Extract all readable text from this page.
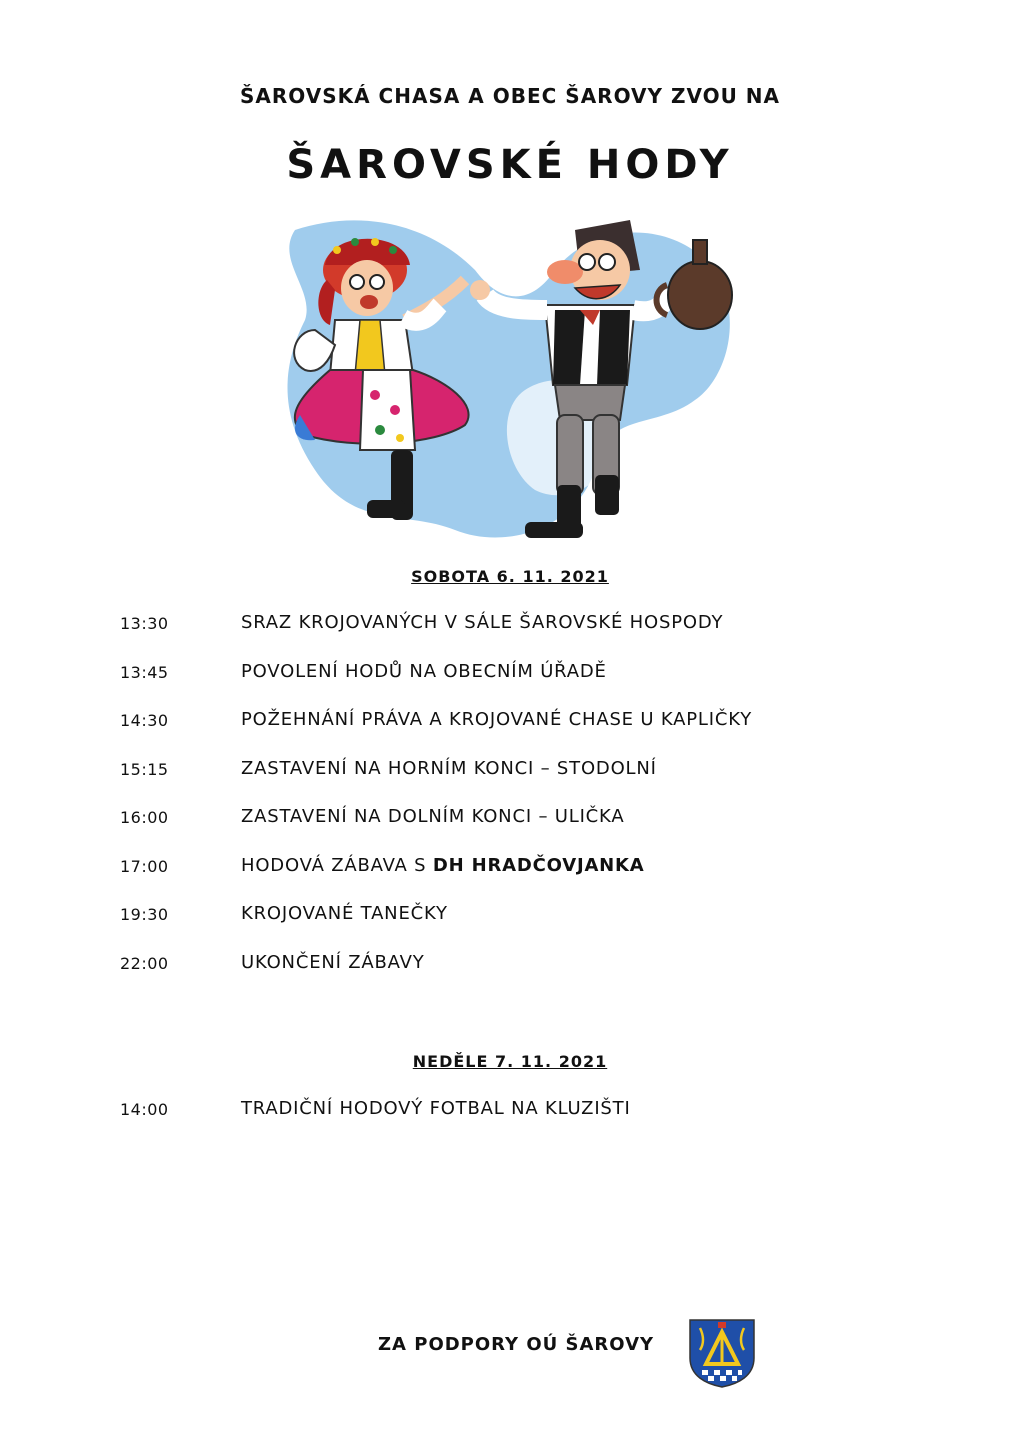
ŠAROVSKÁ CHASA A OBEC ŠAROVY ZVOU NA
ŠAROVSKÉ HODY
SOBOTA 6. 11. 2021
13:30	SRAZ KROJOVANÝCH V SÁLE ŠAROVSKÉ HOSPODY
13:45	POVOLENÍ HODŮ NA OBECNÍM ÚŘADĚ
14:30	POŽEHNÁNÍ PRÁVA A KROJOVANÉ CHASE U KAPLIČKY
15:15	ZASTAVENÍ NA HORNÍM KONCI – STODOLNÍ
16:00	ZASTAVENÍ NA DOLNÍM KONCI – ULIČKA
17:00	HODOVÁ ZÁBAVA S DH HRADČOVJANKA
19:30	KROJOVANÉ TANEČKY
22:00	UKONČENÍ ZÁBAVY
NEDĚLE 7. 11. 2021
14:00	TRADIČNÍ HODOVÝ FOTBAL NA KLUZIŠTI
ZA PODPORY OÚ ŠAROVY
